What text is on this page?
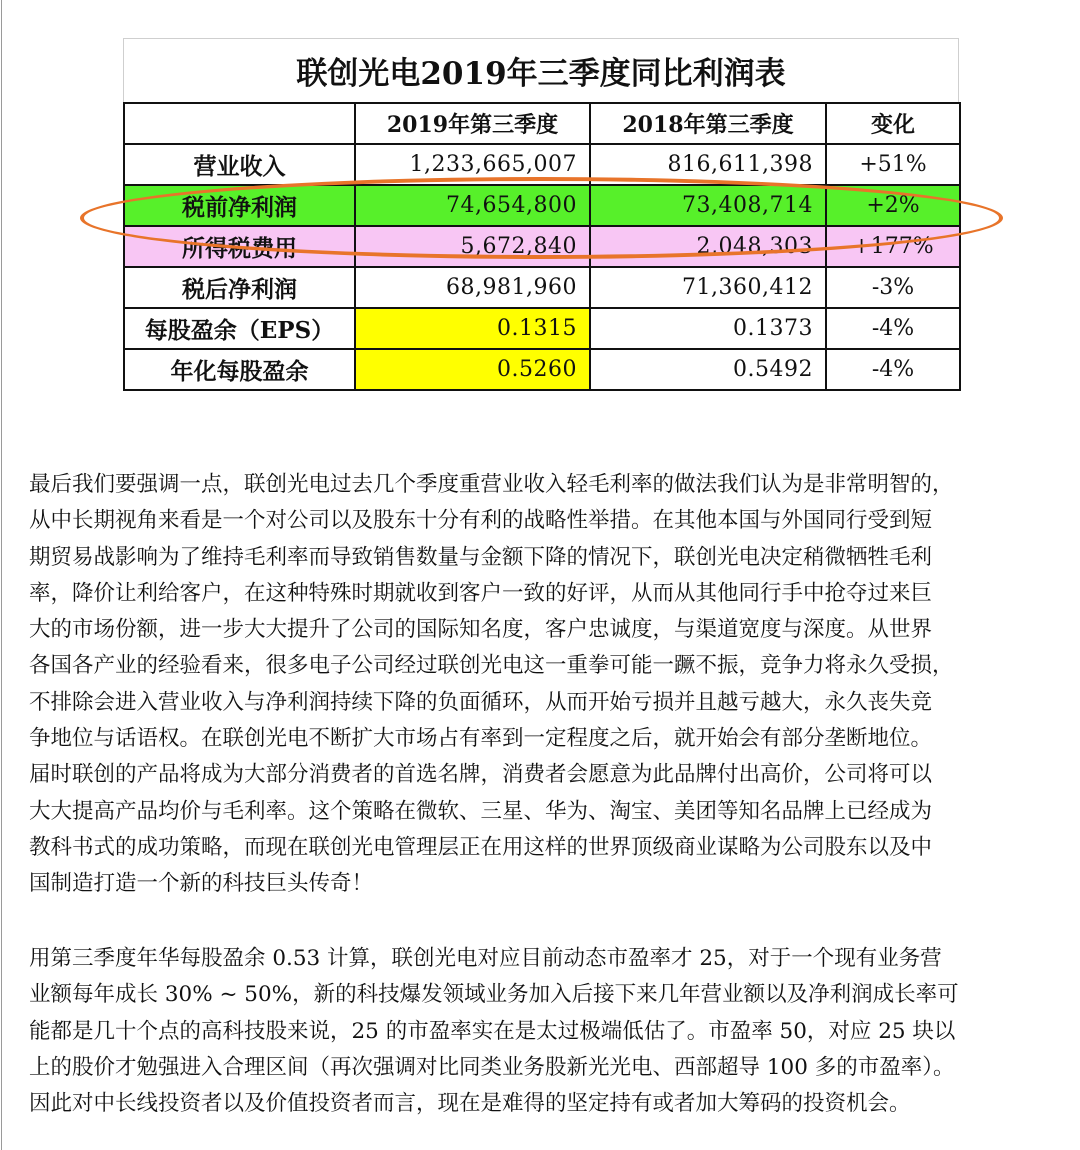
联创光电2019年三季度同比利润表
	2019年第三季度	2018年第三季度	变化
营业收入	1,233,665,007	816,611,398	+51%
税前净利润	74,654,800	73,408,714	+2%
所得税费用	5,672,840	2,048,303	+177%
税后净利润	68,981,960	71,360,412	-3%
每股盈余（EPS）	0.1315	0.1373	-4%
年化每股盈余	0.5260	0.5492	-4%

最后我们要强调一点，联创光电过去几个季度重营业收入轻毛利率的做法我们认为是非常明智的，
从中长期视角来看是一个对公司以及股东十分有利的战略性举措。在其他本国与外国同行受到短
期贸易战影响为了维持毛利率而导致销售数量与金额下降的情况下，联创光电决定稍微牺牲毛利
率，降价让利给客户，在这种特殊时期就收到客户一致的好评，从而从其他同行手中抢夺过来巨
大的市场份额，进一步大大提升了公司的国际知名度，客户忠诚度，与渠道宽度与深度。从世界
各国各产业的经验看来，很多电子公司经过联创光电这一重拳可能一蹶不振，竞争力将永久受损，
不排除会进入营业收入与净利润持续下降的负面循环，从而开始亏损并且越亏越大，永久丧失竞
争地位与话语权。在联创光电不断扩大市场占有率到一定程度之后，就开始会有部分垄断地位。
届时联创的产品将成为大部分消费者的首选名牌，消费者会愿意为此品牌付出高价，公司将可以
大大提高产品均价与毛利率。这个策略在微软、三星、华为、淘宝、美团等知名品牌上已经成为
教科书式的成功策略，而现在联创光电管理层正在用这样的世界顶级商业谋略为公司股东以及中
国制造打造一个新的科技巨头传奇！

用第三季度年华每股盈余 0.53 计算，联创光电对应目前动态市盈率才 25，对于一个现有业务营
业额每年成长 30% ~ 50%，新的科技爆发领域业务加入后接下来几年营业额以及净利润成长率可
能都是几十个点的高科技股来说，25 的市盈率实在是太过极端低估了。市盈率 50，对应 25 块以
上的股价才勉强进入合理区间（再次强调对比同类业务股新光光电、西部超导 100 多的市盈率）。
因此对中长线投资者以及价值投资者而言，现在是难得的坚定持有或者加大筹码的投资机会。
